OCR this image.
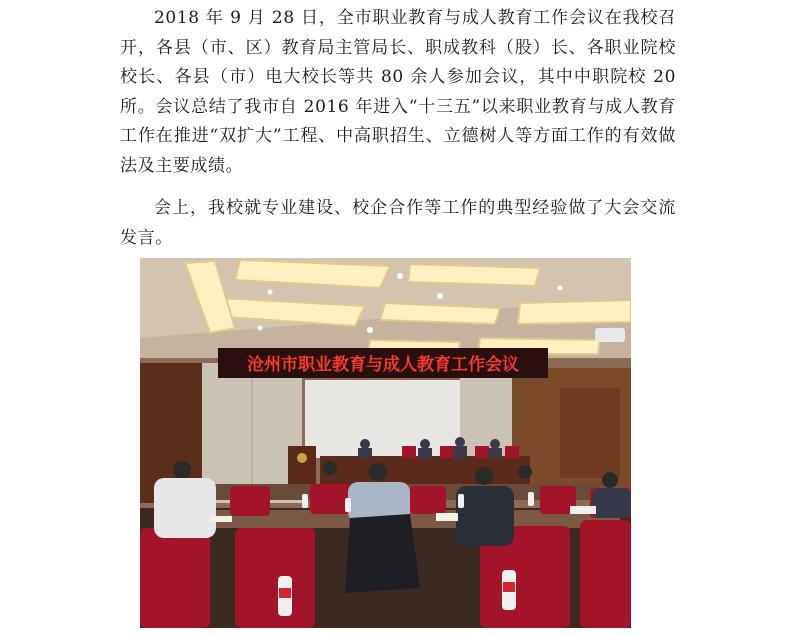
2018 年 9 月 28 日，全市职业教育与成人教育工作会议在我校召开，各县（市、区）教育局主管局长、职成教科（股）长、各职业院校校长、各县（市）电大校长等共 80 余人参加会议，其中中职院校 20 所。会议总结了我市自 2016 年进入“十三五”以来职业教育与成人教育工作在推进“双扩大”工程、中高职招生、立德树人等方面工作的有效做法及主要成绩。

会上，我校就专业建设、校企合作等工作的典型经验做了大会交流发言。

沧州市职业教育与成人教育工作会议
